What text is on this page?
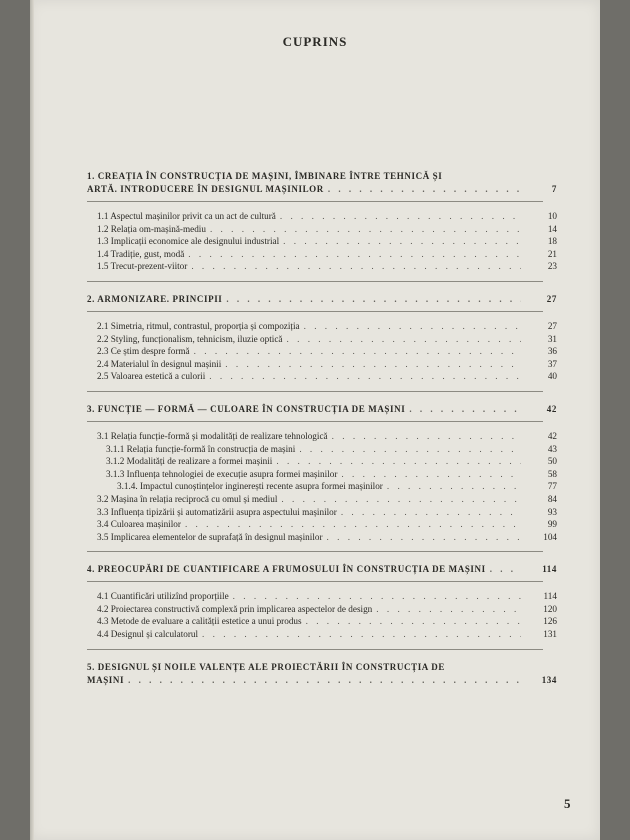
CUPRINS
1. CREAȚIA ÎN CONSTRUCȚIA DE MAȘINI, ÎMBINARE ÎNTRE TEHNICĂ ȘI
ARTĂ. INTRODUCERE ÎN DESIGNUL MAȘINILOR . . .	7
1.1 Aspectul mașinilor privit ca un act de cultură . . .	10
1.2 Relația om-mașină-mediu . . .	14
1.3 Implicații economice ale designului industrial . . .	18
1.4 Tradiție, gust, modă . . .	21
1.5 Trecut-prezent-viitor . . .	23
2. ARMONIZARE. PRINCIPII . . .	27
2.1 Simetria, ritmul, contrastul, proporția și compoziția . . .	27
2.2 Styling, funcționalism, tehnicism, iluzie optică . . .	31
2.3 Ce știm despre formă . . .	36
2.4 Materialul în designul mașinii . . .	37
2.5 Valoarea estetică a culorii . . .	40
3. FUNCȚIE — FORMĂ — CULOARE ÎN CONSTRUCȚIA DE MAȘINI . . .	42
3.1 Relația funcție-formă și modalități de realizare tehnologică . . .	42
3.1.1 Relația funcție-formă în construcția de mașini . . .	43
3.1.2 Modalități de realizare a formei mașinii . . .	50
3.1.3 Influența tehnologiei de execuție asupra formei mașinilor . . .	58
3.1.4. Impactul cunoștințelor inginerești recente asupra formei mașinilor . . .	77
3.2 Mașina în relația reciprocă cu omul și mediul . . .	84
3.3 Influența tipizării și automatizării asupra aspectului mașinilor . . .	93
3.4 Culoarea mașinilor . . .	99
3.5 Implicarea elementelor de suprafață în designul mașinilor . . .	104
4. PREOCUPĂRI DE CUANTIFICARE A FRUMOSULUI ÎN CONSTRUCȚIA DE MAȘINI . . .	114
4.1 Cuantificări utilizînd proporțiile . . .	114
4.2 Proiectarea constructivă complexă prin implicarea aspectelor de design . . .	120
4.3 Metode de evaluare a calității estetice a unui produs . . .	126
4.4 Designul și calculatorul . . .	131
5. DESIGNUL ȘI NOILE VALENȚE ALE PROIECTĂRII ÎN CONSTRUCȚIA DE
MAȘINI . . .	134
5
